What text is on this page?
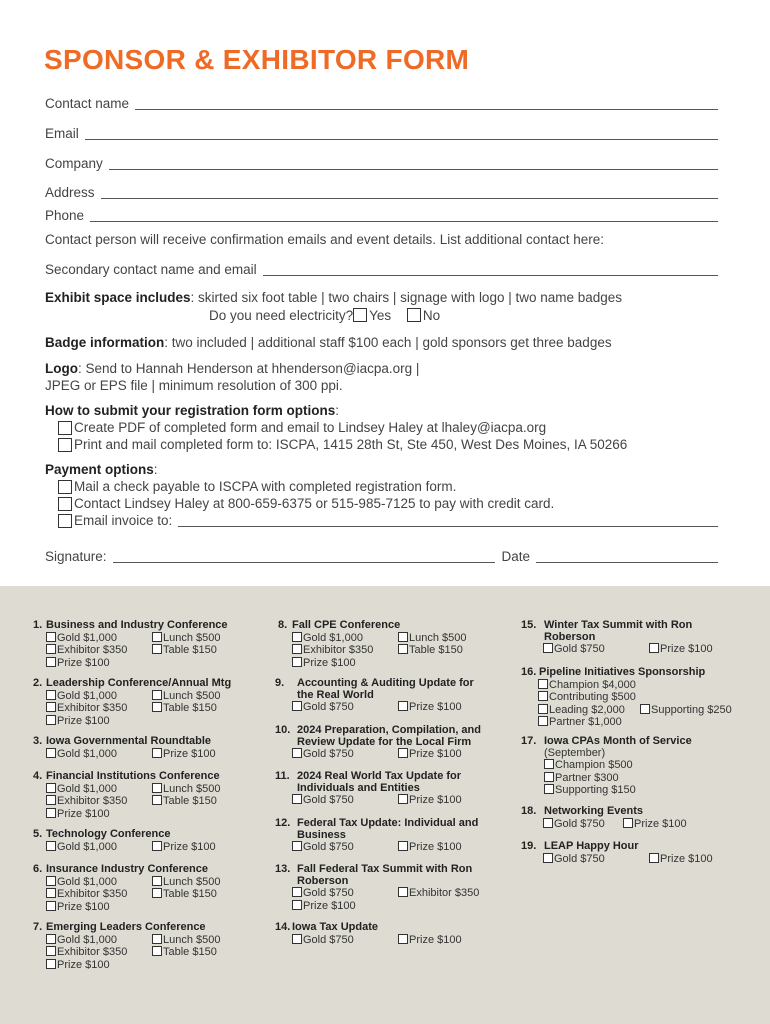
SPONSOR & EXHIBITOR FORM
Contact name
Email
Company
Address
Phone
Contact person will receive confirmation emails and event details. List additional contact here:
Secondary contact name and email
Exhibit space includes: skirted six foot table | two chairs | signage with logo | two name badges
Do you need electricity? Yes No
Badge information: two included | additional staff $100 each | gold sponsors get three badges
Logo: Send to Hannah Henderson at hhenderson@iacpa.org |
JPEG or EPS file | minimum resolution of 300 ppi.
How to submit your registration form options:
Create PDF of completed form and email to Lindsey Haley at lhaley@iacpa.org
Print and mail completed form to: ISCPA, 1415 28th St, Ste 450, West Des Moines, IA 50266
Payment options:
Mail a check payable to ISCPA with completed registration form.
Contact Lindsey Haley at 800-659-6375 or 515-985-7125 to pay with credit card.
Email invoice to:
Signature:	Date
1. Business and Industry Conference
Gold $1,000	Lunch $500
Exhibitor $350	Table $150
Prize $100
2. Leadership Conference/Annual Mtg
Gold $1,000	Lunch $500
Exhibitor $350	Table $150
Prize $100
3. Iowa Governmental Roundtable
Gold $1,000	Prize $100
4. Financial Institutions Conference
Gold $1,000	Lunch $500
Exhibitor $350	Table $150
Prize $100
5. Technology Conference
Gold $1,000	Prize $100
6. Insurance Industry Conference
Gold $1,000	Lunch $500
Exhibitor $350	Table $150
Prize $100
7. Emerging Leaders Conference
Gold $1,000	Lunch $500
Exhibitor $350	Table $150
Prize $100
8. Fall CPE Conference
Gold $1,000	Lunch $500
Exhibitor $350	Table $150
Prize $100
9.	Accounting & Auditing Update for
the Real World
Gold $750	Prize $100
10. 2024 Preparation, Compilation, and
Review Update for the Local Firm
Gold $750	Prize $100
11. 2024 Real World Tax Update for
Individuals and Entities
Gold $750	Prize $100
12. Federal Tax Update: Individual and
Business
Gold $750	Prize $100
13. Fall Federal Tax Summit with Ron
Roberson
Gold $750	Exhibitor $350
Prize $100
14. Iowa Tax Update
Gold $750	Prize $100
15. Winter Tax Summit with Ron
Roberson
Gold $750	Prize $100
16. Pipeline Initiatives Sponsorship
Champion $4,000
Contributing $500
Leading $2,000	Supporting $250
Partner $1,000
17. Iowa CPAs Month of Service
(September)
Champion $500
Partner $300
Supporting $150
18. Networking Events
Gold $750	Prize $100
19. LEAP Happy Hour
Gold $750	Prize $100
